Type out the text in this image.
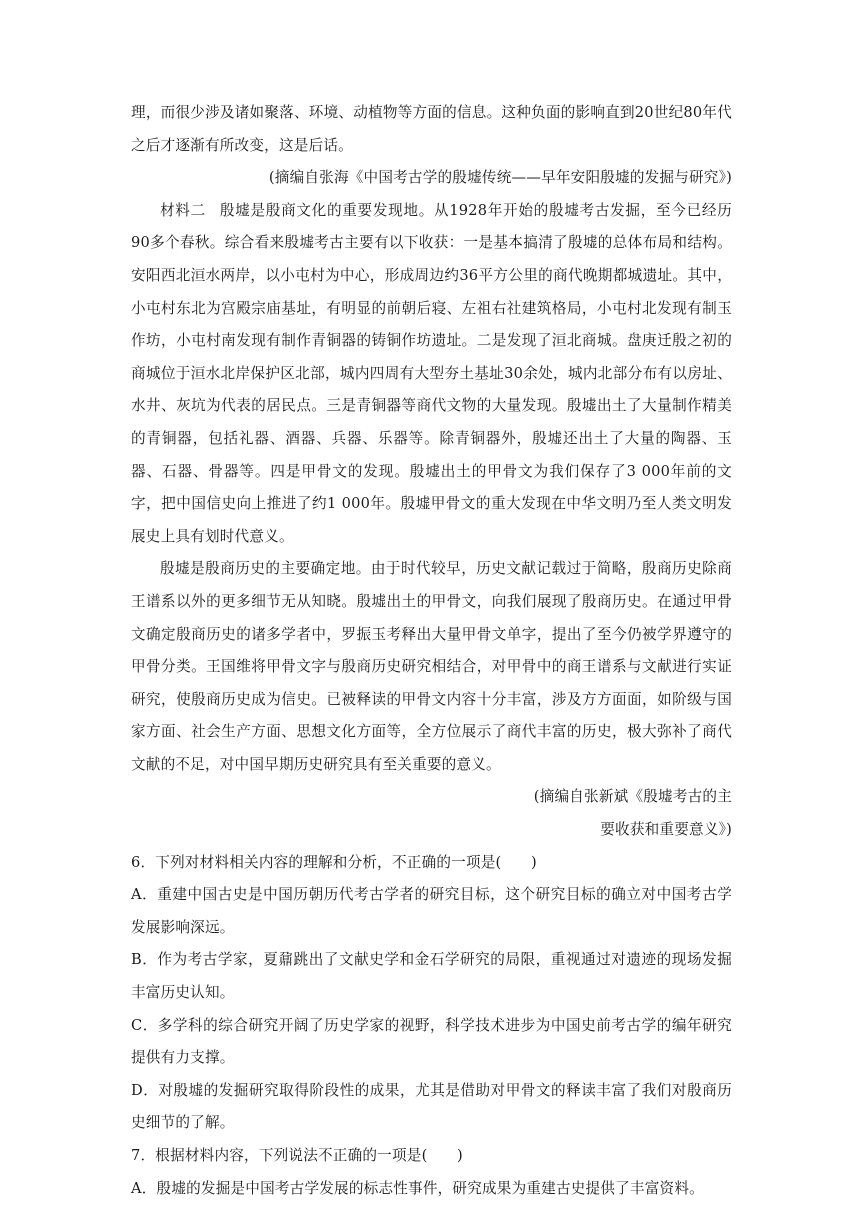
理，而很少涉及诸如聚落、环境、动植物等方面的信息。这种负面的影响直到20世纪80年代之后才逐渐有所改变，这是后话。

(摘编自张海《中国考古学的殷墟传统——早年安阳殷墟的发掘与研究》)

材料二 殷墟是殷商文化的重要发现地。从1928年开始的殷墟考古发掘，至今已经历90多个春秋。综合看来殷墟考古主要有以下收获：一是基本搞清了殷墟的总体布局和结构。安阳西北洹水两岸，以小屯村为中心，形成周边约36平方公里的商代晚期都城遗址。其中，小屯村东北为宫殿宗庙基址，有明显的前朝后寝、左祖右社建筑格局，小屯村北发现有制玉作坊，小屯村南发现有制作青铜器的铸铜作坊遗址。二是发现了洹北商城。盘庚迁殷之初的商城位于洹水北岸保护区北部，城内四周有大型夯土基址30余处，城内北部分布有以房址、水井、灰坑为代表的居民点。三是青铜器等商代文物的大量发现。殷墟出土了大量制作精美的青铜器，包括礼器、酒器、兵器、乐器等。除青铜器外，殷墟还出土了大量的陶器、玉器、石器、骨器等。四是甲骨文的发现。殷墟出土的甲骨文为我们保存了3 000年前的文字，把中国信史向上推进了约1 000年。殷墟甲骨文的重大发现在中华文明乃至人类文明发展史上具有划时代意义。

殷墟是殷商历史的主要确定地。由于时代较早，历史文献记载过于简略，殷商历史除商王谱系以外的更多细节无从知晓。殷墟出土的甲骨文，向我们展现了殷商历史。在通过甲骨文确定殷商历史的诸多学者中，罗振玉考释出大量甲骨文单字，提出了至今仍被学界遵守的甲骨分类。王国维将甲骨文字与殷商历史研究相结合，对甲骨中的商王谱系与文献进行实证研究，使殷商历史成为信史。已被释读的甲骨文内容十分丰富，涉及方方面面，如阶级与国家方面、社会生产方面、思想文化方面等，全方位展示了商代丰富的历史，极大弥补了商代文献的不足，对中国早期历史研究具有至关重要的意义。

(摘编自张新斌《殷墟考古的主

要收获和重要意义》)

6．下列对材料相关内容的理解和分析，不正确的一项是(　　)

A．重建中国古史是中国历朝历代考古学者的研究目标，这个研究目标的确立对中国考古学发展影响深远。

B．作为考古学家，夏鼐跳出了文献史学和金石学研究的局限，重视通过对遗迹的现场发掘丰富历史认知。

C．多学科的综合研究开阔了历史学家的视野，科学技术进步为中国史前考古学的编年研究提供有力支撑。

D．对殷墟的发掘研究取得阶段性的成果，尤其是借助对甲骨文的释读丰富了我们对殷商历史细节的了解。

7．根据材料内容，下列说法不正确的一项是(　　)

A．殷墟的发掘是中国考古学发展的标志性事件，研究成果为重建古史提供了丰富资料。
